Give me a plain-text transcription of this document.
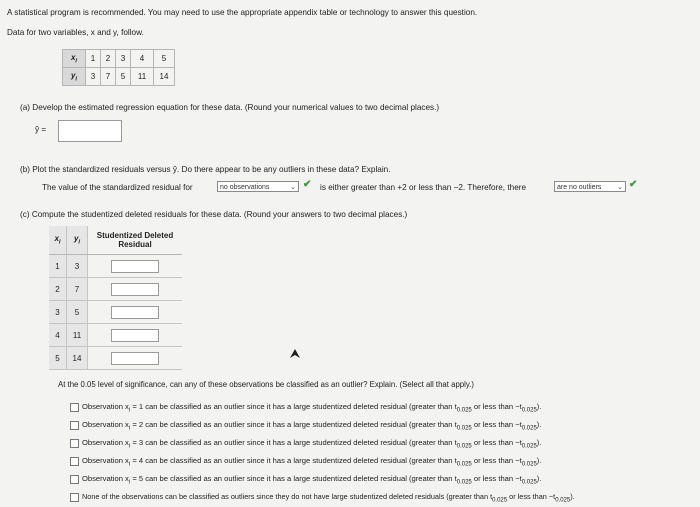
A statistical program is recommended. You may need to use the appropriate appendix table or technology to answer this question.
Data for two variables, x and y, follow.
$x_i$	1	2	3	4	5
$y_i$	3	7	5	11	14
(a) Develop the estimated regression equation for these data. (Round your numerical values to two decimal places.)
ŷ =
(b) Plot the standardized residuals versus ŷ. Do there appear to be any outliers in these data? Explain.
The value of the standardized residual for	no observations	⌄ ✔ is either greater than +2 or less than −2. Therefore, there	are no outliers ⌄ ✔
(c) Compute the studentized deleted residuals for these data. (Round your answers to two decimal places.)
$x_i$	$y_i$	Studentized Deleted Residual
1	3	
2	7	
3	5	
4	11	
5	14	
At the 0.05 level of significance, can any of these observations be classified as an outlier? Explain. (Select all that apply.)
Observation $x_i = 1$ can be classified as an outlier since it has a large studentized deleted residual (greater than $t_{0.025}$ or less than $-t_{0.025}$).
Observation $x_i = 2$ can be classified as an outlier since it has a large studentized deleted residual (greater than $t_{0.025}$ or less than $-t_{0.025}$).
Observation $x_i = 3$ can be classified as an outlier since it has a large studentized deleted residual (greater than $t_{0.025}$ or less than $-t_{0.025}$).
Observation $x_i = 4$ can be classified as an outlier since it has a large studentized deleted residual (greater than $t_{0.025}$ or less than $-t_{0.025}$).
Observation $x_i = 5$ can be classified as an outlier since it has a large studentized deleted residual (greater than $t_{0.025}$ or less than $-t_{0.025}$).
None of the observations can be classified as outliers since they do not have large studentized deleted residuals (greater than $t_{0.025}$ or less than $-t_{0.025}$).
